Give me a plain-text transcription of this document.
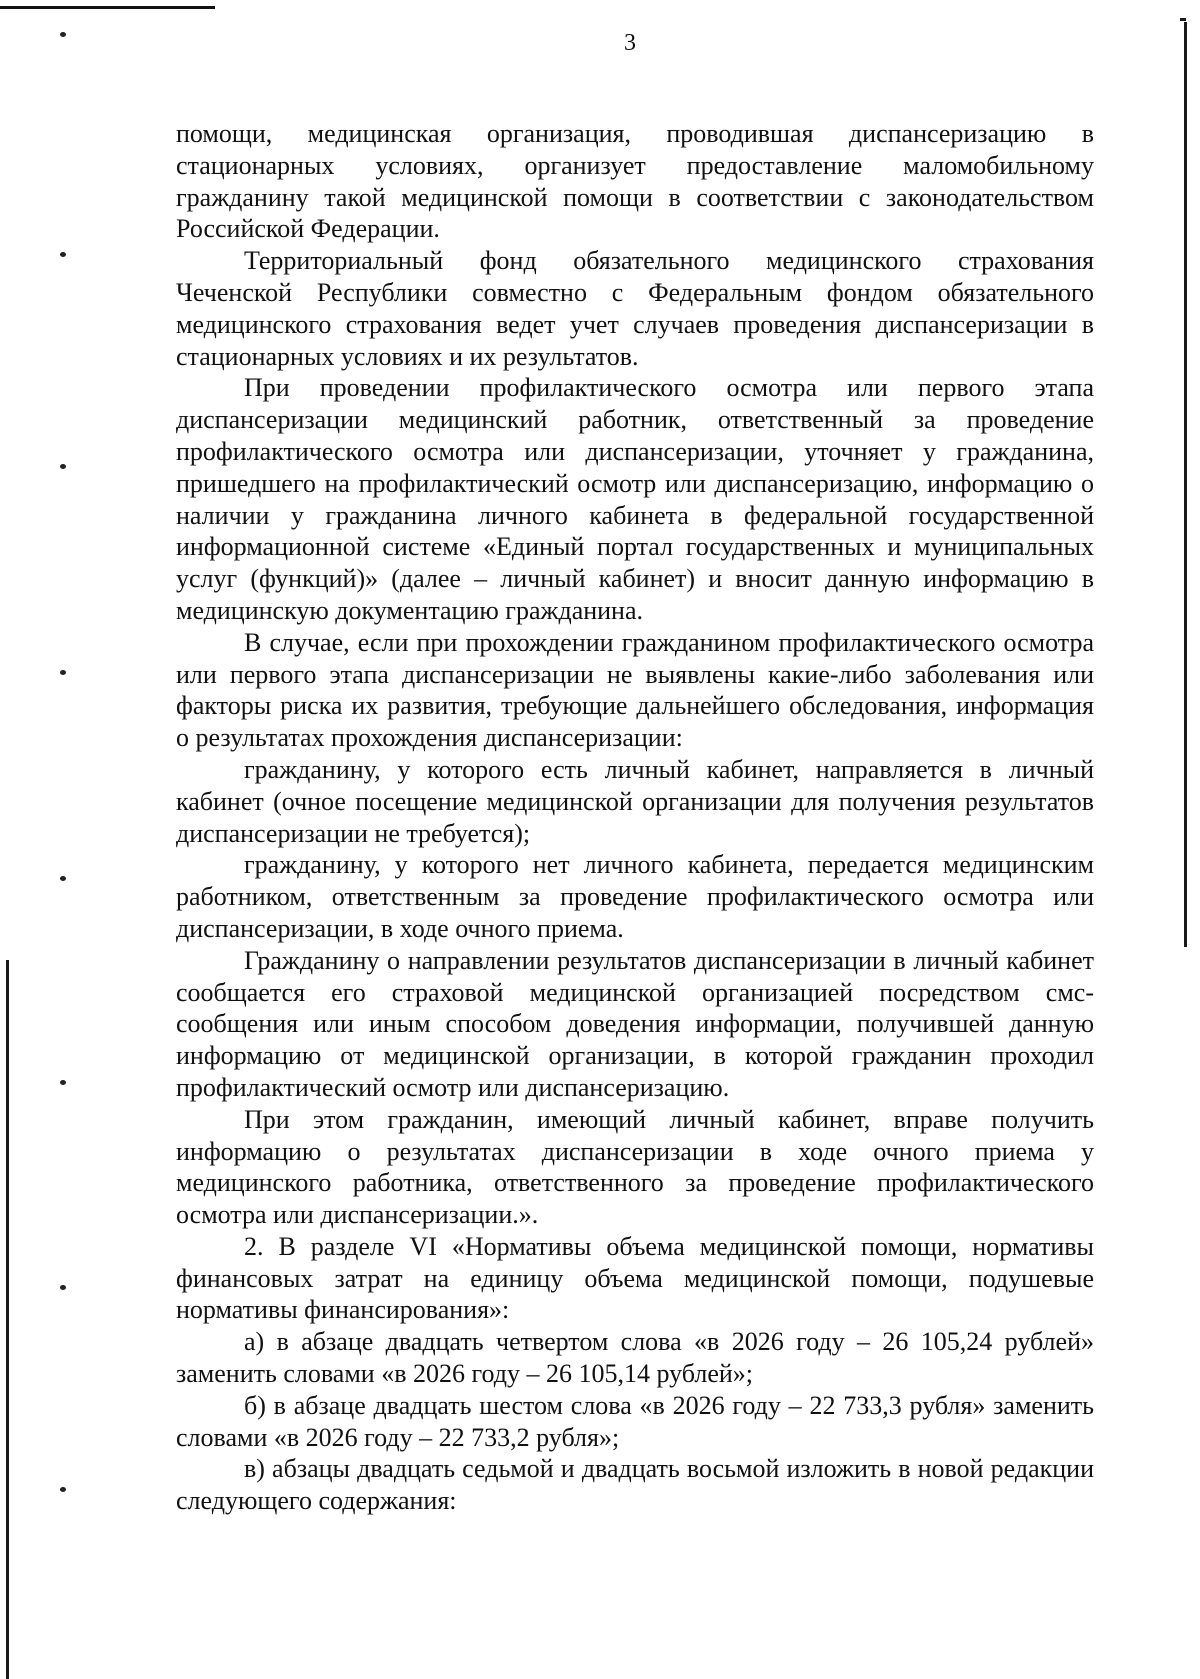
3

помощи, медицинская организация, проводившая диспансеризацию в стационарных условиях, организует предоставление маломобильному гражданину такой медицинской помощи в соответствии с законодательством Российской Федерации.

Территориальный фонд обязательного медицинского страхования Чеченской Республики совместно с Федеральным фондом обязательного медицинского страхования ведет учет случаев проведения диспансеризации в стационарных условиях и их результатов.

При проведении профилактического осмотра или первого этапа диспансеризации медицинский работник, ответственный за проведение профилактического осмотра или диспансеризации, уточняет у гражданина, пришедшего на профилактический осмотр или диспансеризацию, информацию о наличии у гражданина личного кабинета в федеральной государственной информационной системе «Единый портал государственных и муниципальных услуг (функций)» (далее – личный кабинет) и вносит данную информацию в медицинскую документацию гражданина.

В случае, если при прохождении гражданином профилактического осмотра или первого этапа диспансеризации не выявлены какие-либо заболевания или факторы риска их развития, требующие дальнейшего обследования, информация о результатах прохождения диспансеризации:

гражданину, у которого есть личный кабинет, направляется в личный кабинет (очное посещение медицинской организации для получения результатов диспансеризации не требуется);

гражданину, у которого нет личного кабинета, передается медицинским работником, ответственным за проведение профилактического осмотра или диспансеризации, в ходе очного приема.

Гражданину о направлении результатов диспансеризации в личный кабинет сообщается его страховой медицинской организацией посредством смс-сообщения или иным способом доведения информации, получившей данную информацию от медицинской организации, в которой гражданин проходил профилактический осмотр или диспансеризацию.

При этом гражданин, имеющий личный кабинет, вправе получить информацию о результатах диспансеризации в ходе очного приема у медицинского работника, ответственного за проведение профилактического осмотра или диспансеризации.».

2. В разделе VI «Нормативы объема медицинской помощи, нормативы финансовых затрат на единицу объема медицинской помощи, подушевые нормативы финансирования»:

а) в абзаце двадцать четвертом слова «в 2026 году – 26 105,24 рублей» заменить словами «в 2026 году – 26 105,14 рублей»;

б) в абзаце двадцать шестом слова «в 2026 году – 22 733,3 рубля» заменить словами «в 2026 году – 22 733,2 рубля»;

в) абзацы двадцать седьмой и двадцать восьмой изложить в новой редакции следующего содержания:
